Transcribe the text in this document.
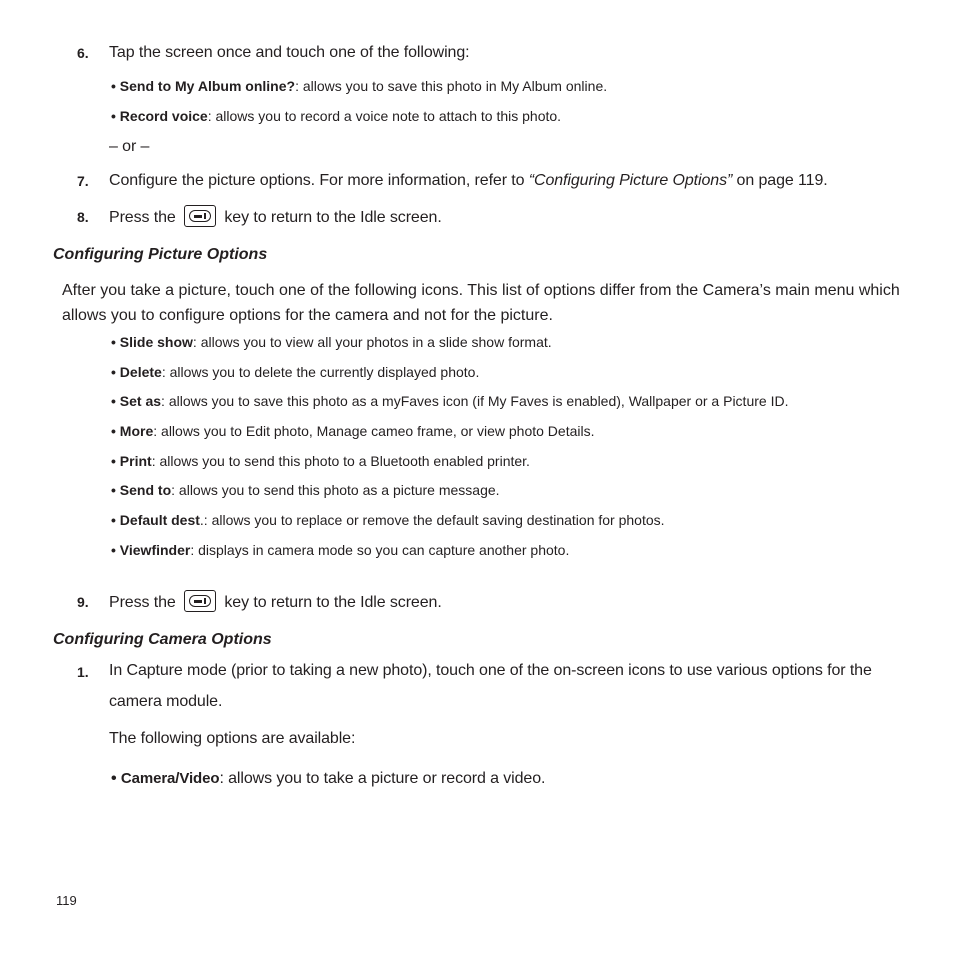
6. Tap the screen once and touch one of the following:
• Send to My Album online?: allows you to save this photo in My Album online.
• Record voice: allows you to record a voice note to attach to this photo.
– or –
7. Configure the picture options. For more information, refer to “Configuring Picture Options” on page 119.
8. Press the	key to return to the Idle screen.
Configuring Picture Options
After you take a picture, touch one of the following icons. This list of options differ from the Camera’s main menu which allows you to configure options for the camera and not for the picture.
• Slide show: allows you to view all your photos in a slide show format.
• Delete: allows you to delete the currently displayed photo.
• Set as: allows you to save this photo as a myFaves icon (if My Faves is enabled), Wallpaper or a Picture ID.
• More: allows you to Edit photo, Manage cameo frame, or view photo Details.
• Print: allows you to send this photo to a Bluetooth enabled printer.
• Send to: allows you to send this photo as a picture message.
• Default dest.: allows you to replace or remove the default saving destination for photos.
• Viewfinder: displays in camera mode so you can capture another photo.
9. Press the	key to return to the Idle screen.
Configuring Camera Options
1. In Capture mode (prior to taking a new photo), touch one of the on-screen icons to use various options for the
camera module.
The following options are available:
• Camera/Video: allows you to take a picture or record a video.
119
